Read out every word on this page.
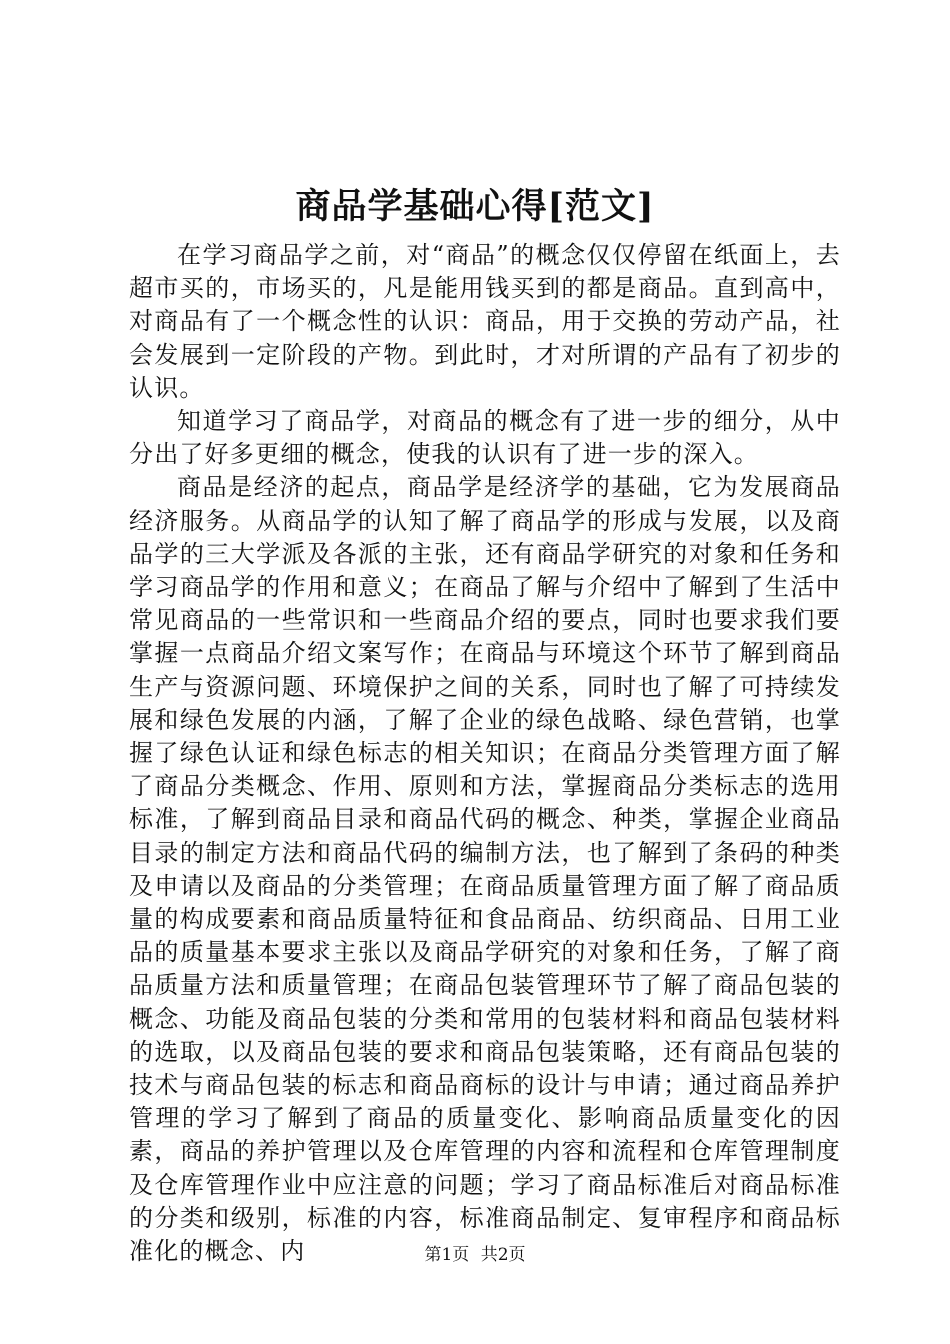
商品学基础心得[范文]

在学习商品学之前，对“商品”的概念仅仅停留在纸面上，去超市买的，市场买的，凡是能用钱买到的都是商品。直到高中，对商品有了一个概念性的认识：商品，用于交换的劳动产品，社会发展到一定阶段的产物。到此时，才对所谓的产品有了初步的认识。

知道学习了商品学，对商品的概念有了进一步的细分，从中分出了好多更细的概念，使我的认识有了进一步的深入。

商品是经济的起点，商品学是经济学的基础，它为发展商品经济服务。从商品学的认知了解了商品学的形成与发展，以及商品学的三大学派及各派的主张，还有商品学研究的对象和任务和学习商品学的作用和意义；在商品了解与介绍中了解到了生活中常见商品的一些常识和一些商品介绍的要点，同时也要求我们要掌握一点商品介绍文案写作；在商品与环境这个环节了解到商品生产与资源问题、环境保护之间的关系，同时也了解了可持续发展和绿色发展的内涵，了解了企业的绿色战略、绿色营销，也掌握了绿色认证和绿色标志的相关知识；在商品分类管理方面了解了商品分类概念、作用、原则和方法，掌握商品分类标志的选用标准，了解到商品目录和商品代码的概念、种类，掌握企业商品目录的制定方法和商品代码的编制方法，也了解到了条码的种类及申请以及商品的分类管理；在商品质量管理方面了解了商品质量的构成要素和商品质量特征和食品商品、纺织商品、日用工业品的质量基本要求主张以及商品学研究的对象和任务，了解了商品质量方法和质量管理；在商品包装管理环节了解了商品包装的概念、功能及商品包装的分类和常用的包装材料和商品包装材料的选取，以及商品包装的要求和商品包装策略，还有商品包装的技术与商品包装的标志和商品商标的设计与申请；通过商品养护管理的学习了解到了商品的质量变化、影响商品质量变化的因素，商品的养护管理以及仓库管理的内容和流程和仓库管理制度及仓库管理作业中应注意的问题；学习了商品标准后对商品标准的分类和级别，标准的内容，标准商品制定、复审程序和商品标准化的概念、内	第1页 共2页
